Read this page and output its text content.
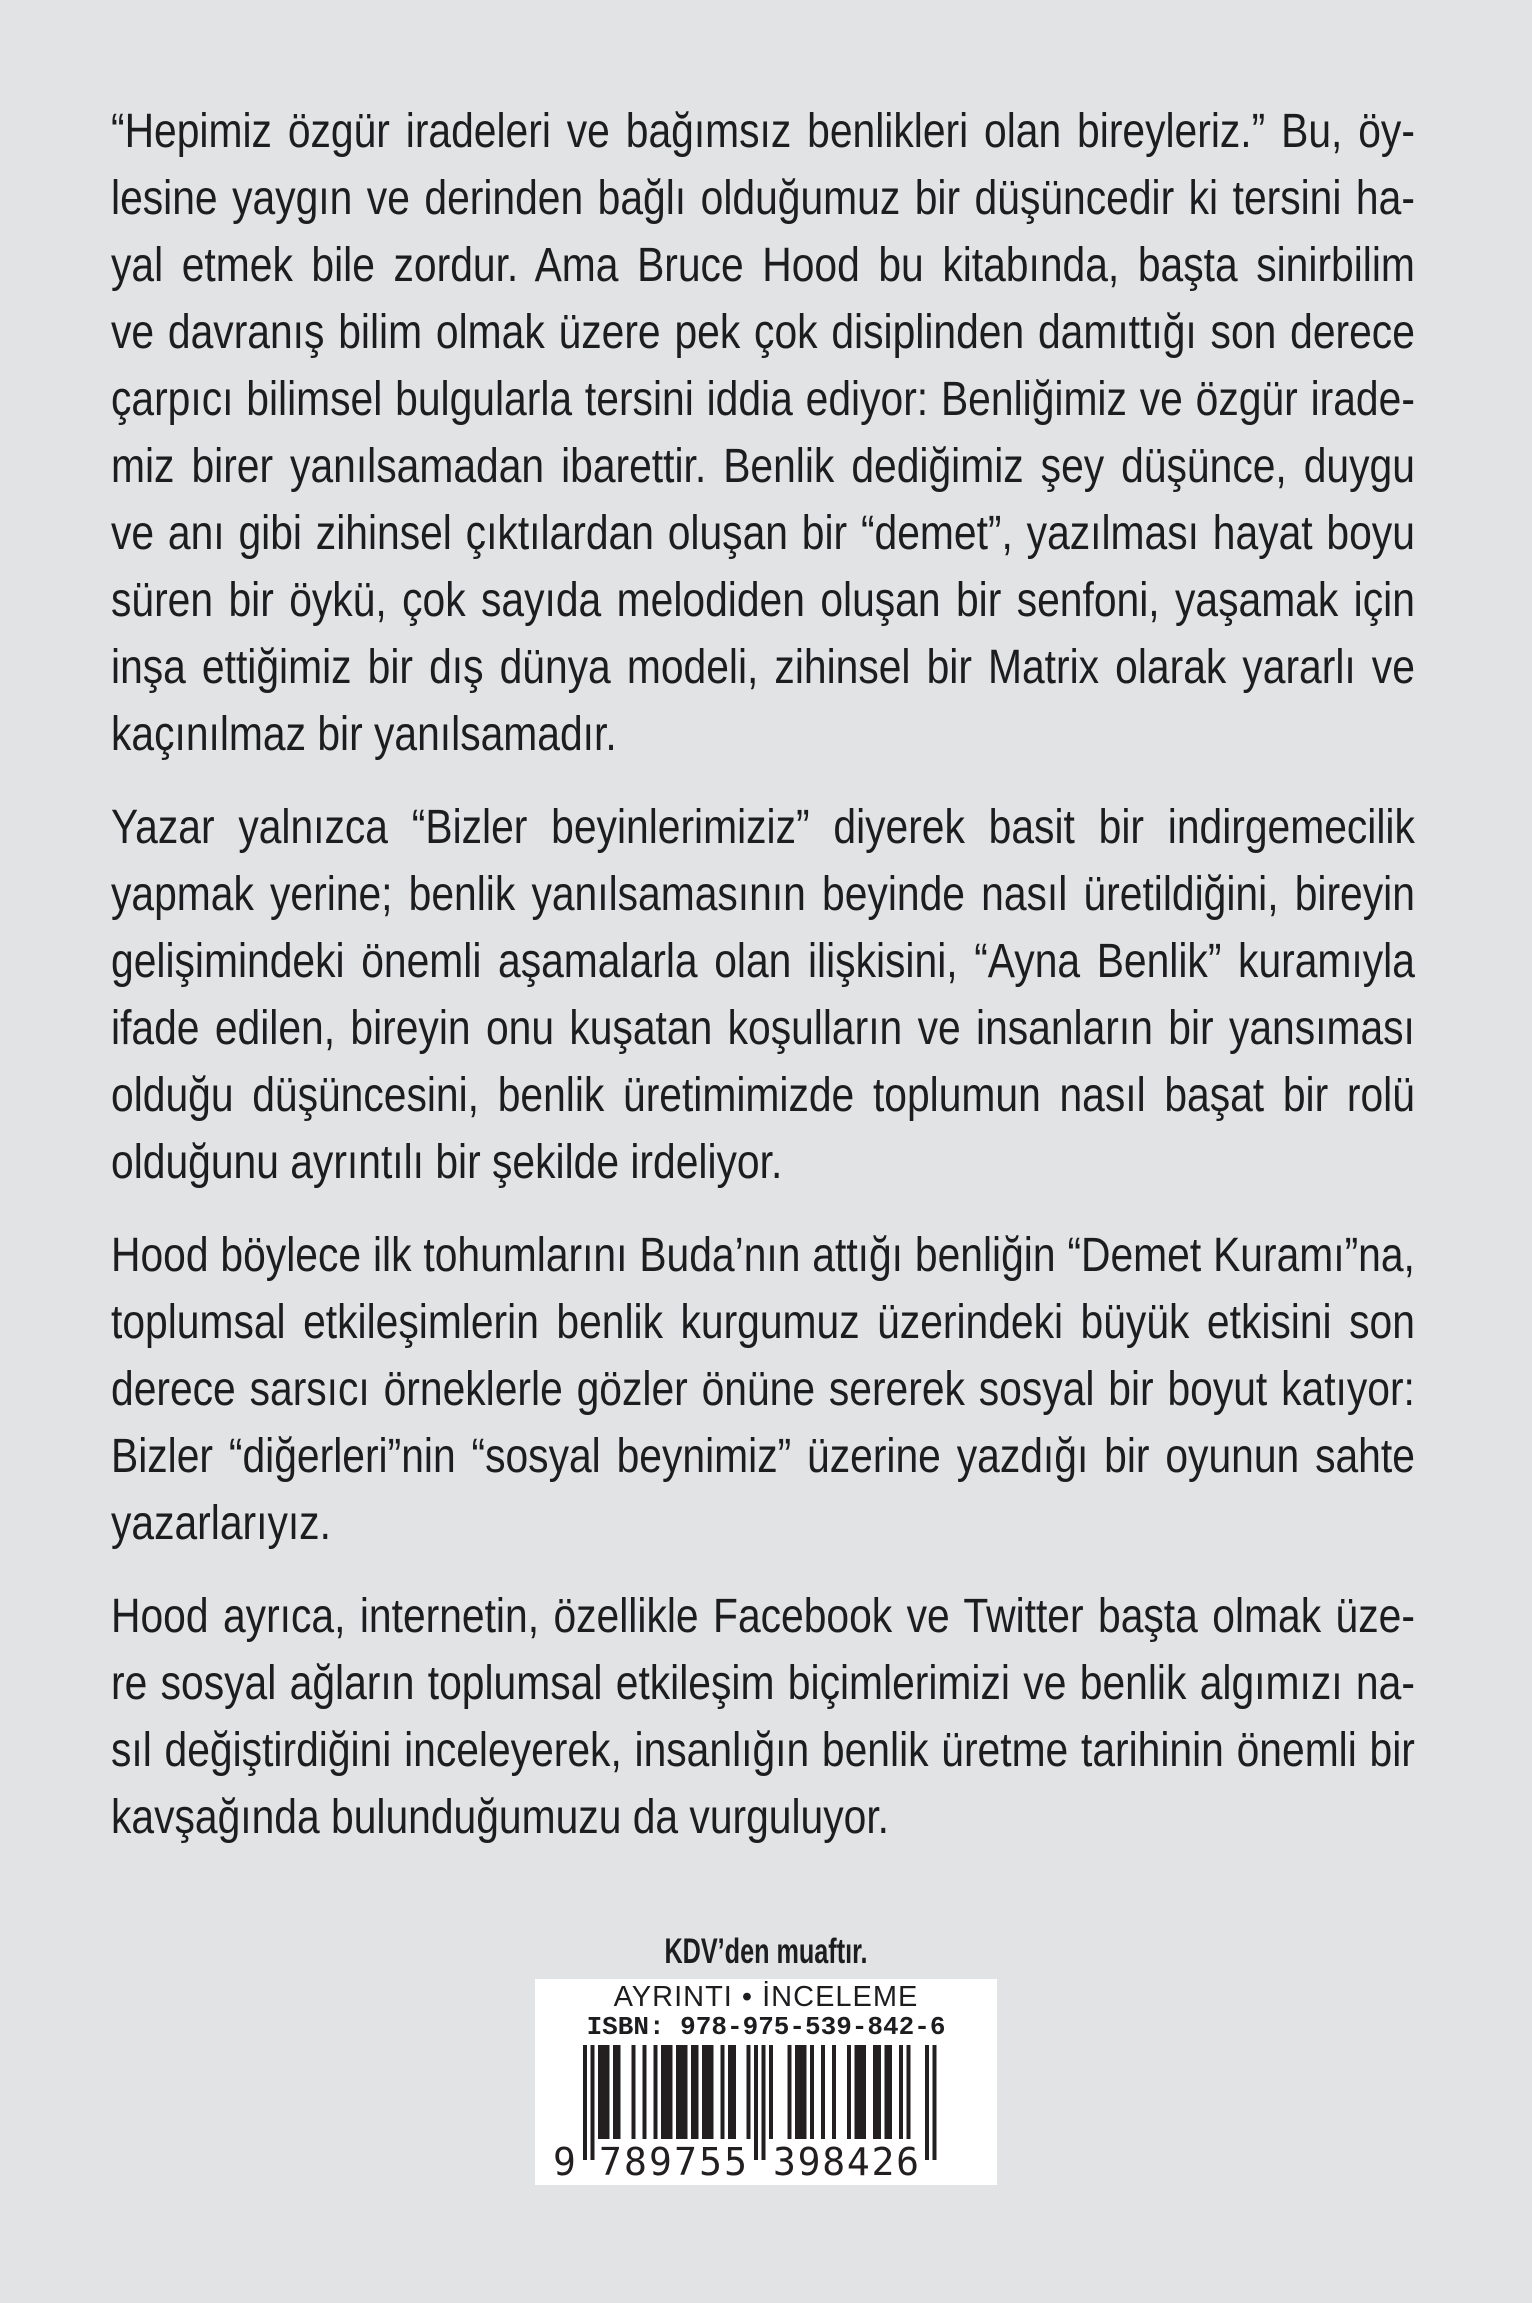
“Hepimiz özgür iradeleri ve bağımsız benlikleri olan bireyleriz.” Bu, öy-
lesine yaygın ve derinden bağlı olduğumuz bir düşüncedir ki tersini ha-
yal etmek bile zordur. Ama Bruce Hood bu kitabında, başta sinirbilim
ve davranış bilim olmak üzere pek çok disiplinden damıttığı son derece
çarpıcı bilimsel bulgularla tersini iddia ediyor: Benliğimiz ve özgür irade-
miz birer yanılsamadan ibarettir. Benlik dediğimiz şey düşünce, duygu
ve anı gibi zihinsel çıktılardan oluşan bir “demet”, yazılması hayat boyu
süren bir öykü, çok sayıda melodiden oluşan bir senfoni, yaşamak için
inşa ettiğimiz bir dış dünya modeli, zihinsel bir Matrix olarak yararlı ve
kaçınılmaz bir yanılsamadır.
Yazar yalnızca “Bizler beyinlerimiziz” diyerek basit bir indirgemecilik
yapmak yerine; benlik yanılsamasının beyinde nasıl üretildiğini, bireyin
gelişimindeki önemli aşamalarla olan ilişkisini, “Ayna Benlik” kuramıyla
ifade edilen, bireyin onu kuşatan koşulların ve insanların bir yansıması
olduğu düşüncesini, benlik üretimimizde toplumun nasıl başat bir rolü
olduğunu ayrıntılı bir şekilde irdeliyor.
Hood böylece ilk tohumlarını Buda’nın attığı benliğin “Demet Kuramı”na,
toplumsal etkileşimlerin benlik kurgumuz üzerindeki büyük etkisini son
derece sarsıcı örneklerle gözler önüne sererek sosyal bir boyut katıyor:
Bizler “diğerleri”nin “sosyal beynimiz” üzerine yazdığı bir oyunun sahte
yazarlarıyız.
Hood ayrıca, internetin, özellikle Facebook ve Twitter başta olmak üze-
re sosyal ağların toplumsal etkileşim biçimlerimizi ve benlik algımızı na-
sıl değiştirdiğini inceleyerek, insanlığın benlik üretme tarihinin önemli bir
kavşağında bulunduğumuzu da vurguluyor.
KDV’den muaftır.
AYRINTI • İNCELEME
ISBN: 978-975-539-842-6
9 789755 398426
